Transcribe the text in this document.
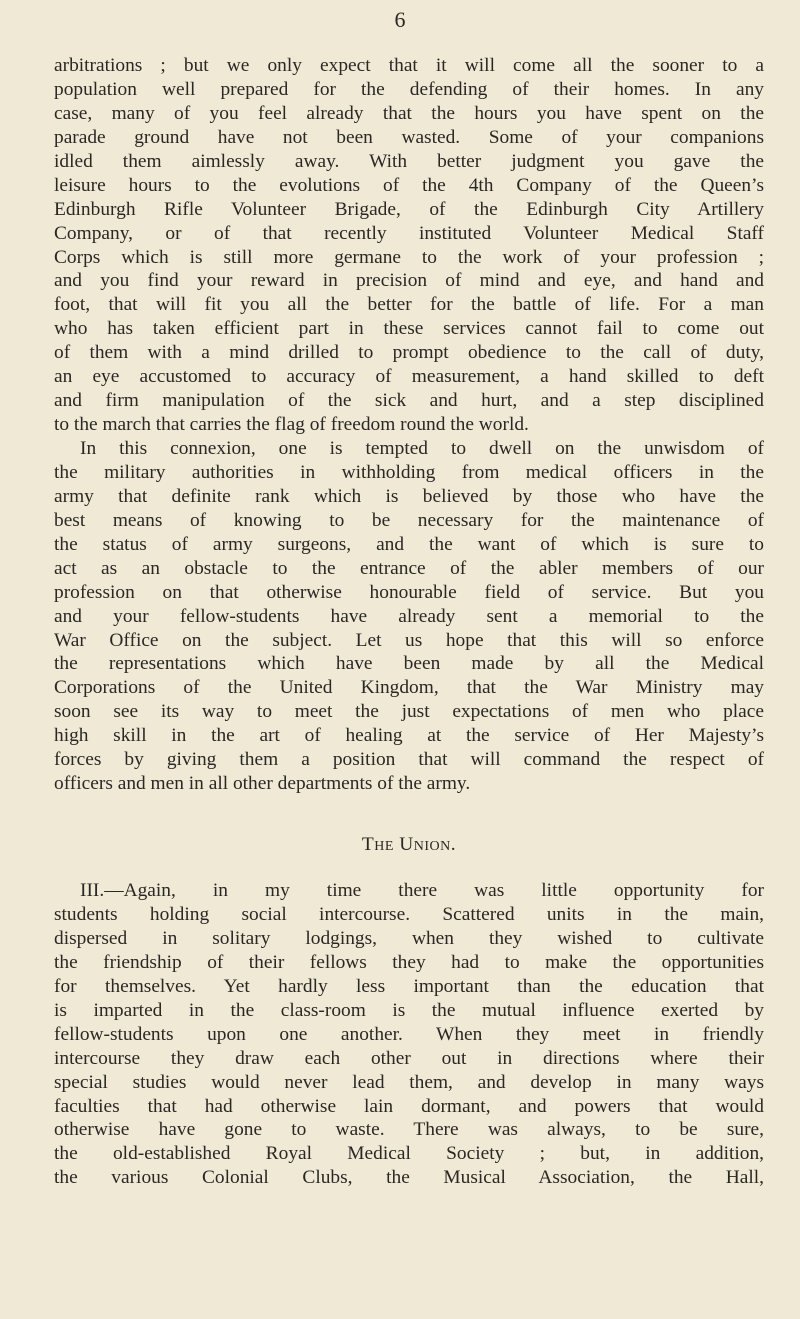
6
arbitrations ; but we only expect that it will come all the sooner to a
population well prepared for the defending of their homes. In any
case, many of you feel already that the hours you have spent on the
parade ground have not been wasted. Some of your companions
idled them aimlessly away. With better judgment you gave the
leisure hours to the evolutions of the 4th Company of the Queen’s
Edinburgh Rifle Volunteer Brigade, of the Edinburgh City Artillery
Company, or of that recently instituted Volunteer Medical Staff
Corps which is still more germane to the work of your profession ;
and you find your reward in precision of mind and eye, and hand and
foot, that will fit you all the better for the battle of life. For a man
who has taken efficient part in these services cannot fail to come out
of them with a mind drilled to prompt obedience to the call of duty,
an eye accustomed to accuracy of measurement, a hand skilled to deft
and firm manipulation of the sick and hurt, and a step disciplined
to the march that carries the flag of freedom round the world.
In this connexion, one is tempted to dwell on the unwisdom of
the military authorities in withholding from medical officers in the
army that definite rank which is believed by those who have the
best means of knowing to be necessary for the maintenance of
the status of army surgeons, and the want of which is sure to
act as an obstacle to the entrance of the abler members of our
profession on that otherwise honourable field of service. But you
and your fellow-students have already sent a memorial to the
War Office on the subject. Let us hope that this will so enforce
the representations which have been made by all the Medical
Corporations of the United Kingdom, that the War Ministry may
soon see its way to meet the just expectations of men who place
high skill in the art of healing at the service of Her Majesty’s
forces by giving them a position that will command the respect of
officers and men in all other departments of the army.
The Union.
III.—Again, in my time there was little opportunity for
students holding social intercourse. Scattered units in the main,
dispersed in solitary lodgings, when they wished to cultivate
the friendship of their fellows they had to make the opportunities
for themselves. Yet hardly less important than the education that
is imparted in the class-room is the mutual influence exerted by
fellow-students upon one another. When they meet in friendly
intercourse they draw each other out in directions where their
special studies would never lead them, and develop in many ways
faculties that had otherwise lain dormant, and powers that would
otherwise have gone to waste. There was always, to be sure,
the old-established Royal Medical Society ; but, in addition,
the various Colonial Clubs, the Musical Association, the Hall,
